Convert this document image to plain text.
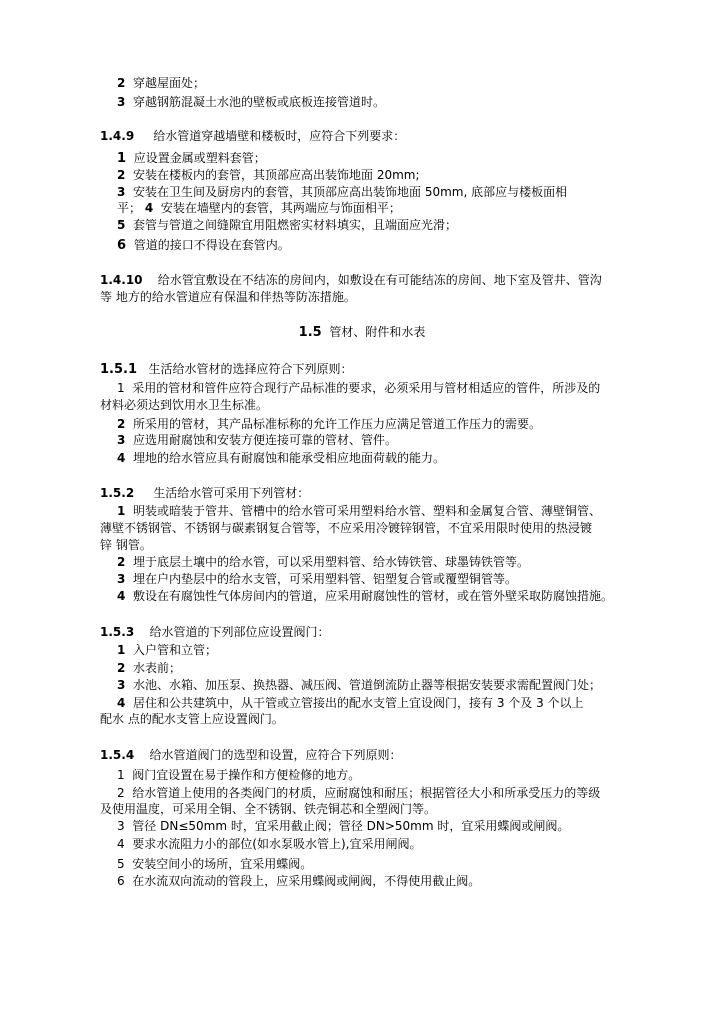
2 穿越屋面处；
3 穿越钢筋混凝土水池的壁板或底板连接管道时。
1.4.9 给水管道穿越墙壁和楼板时，应符合下列要求：
1 应设置金属或塑料套管；
2 安装在楼板内的套管，其顶部应高出装饰地面 20mm;
3 安装在卫生间及厨房内的套管，其顶部应高出装饰地面 50mm, 底部应与楼板面相
平； 4 安装在墙壁内的套管，其两端应与饰面相平；
5 套管与管道之间缝隙宜用阻燃密实材料填实，且端面应光滑；
6 管道的接口不得设在套管内。
1.4.10 给水管宜敷设在不结冻的房间内，如敷设在有可能结冻的房间、地下室及管井、管沟
等 地方的给水管道应有保温和伴热等防冻措施。
1.5 管材、附件和水表
1.5.1 生活给水管材的选择应符合下列原则：
1 采用的管材和管件应符合现行产品标准的要求，必须采用与管材相适应的管件，所涉及的
材料必须达到饮用水卫生标准。
2 所采用的管材，其产品标准标称的允许工作压力应满足管道工作压力的需要。
3 应选用耐腐蚀和安装方便连接可靠的管材、管件。
4 埋地的给水管应具有耐腐蚀和能承受相应地面荷载的能力。
1.5.2 生活给水管可采用下列管材：
1 明装或暗装于管井、管槽中的给水管可采用塑料给水管、塑料和金属复合管、薄壁铜管、
薄壁不锈钢管、不锈钢与碳素钢复合管等，不应采用冷镀锌钢管，不宜采用限时使用的热浸镀
锌 钢管。
2 埋于底层土壤中的给水管，可以采用塑料管、给水铸铁管、球墨铸铁管等。
3 埋在户内垫层中的给水支管，可采用塑料管、铝塑复合管或覆塑铜管等。
4 敷设在有腐蚀性气体房间内的管道，应采用耐腐蚀性的管材，或在管外壁采取防腐蚀措施。
1.5.3 给水管道的下列部位应设置阀门：
1 入户管和立管；
2 水表前；
3 水池、水箱、加压泵、换热器、减压阀、管道倒流防止器等根据安装要求需配置阀门处；
4 居住和公共建筑中，从干管或立管接出的配水支管上宜设阀门，接有 3 个及 3 个以上
配水 点的配水支管上应设置阀门。
1.5.4 给水管道阀门的选型和设置，应符合下列原则：
1 阀门宜设置在易于操作和方便检修的地方。
2 给水管道上使用的各类阀门的材质，应耐腐蚀和耐压；根据管径大小和所承受压力的等级
及使用温度，可采用全铜、全不锈钢、铁壳铜芯和全塑阀门等。
3 管径 DN≤50mm 时，宜采用截止阀；管径 DN>50mm 时，宜采用蝶阀或闸阀。
4 要求水流阻力小的部位(如水泵吸水管上),宜采用闸阀。
5 安装空间小的场所，宜采用蝶阀。
6 在水流双向流动的管段上，应采用蝶阀或闸阀，不得使用截止阀。
